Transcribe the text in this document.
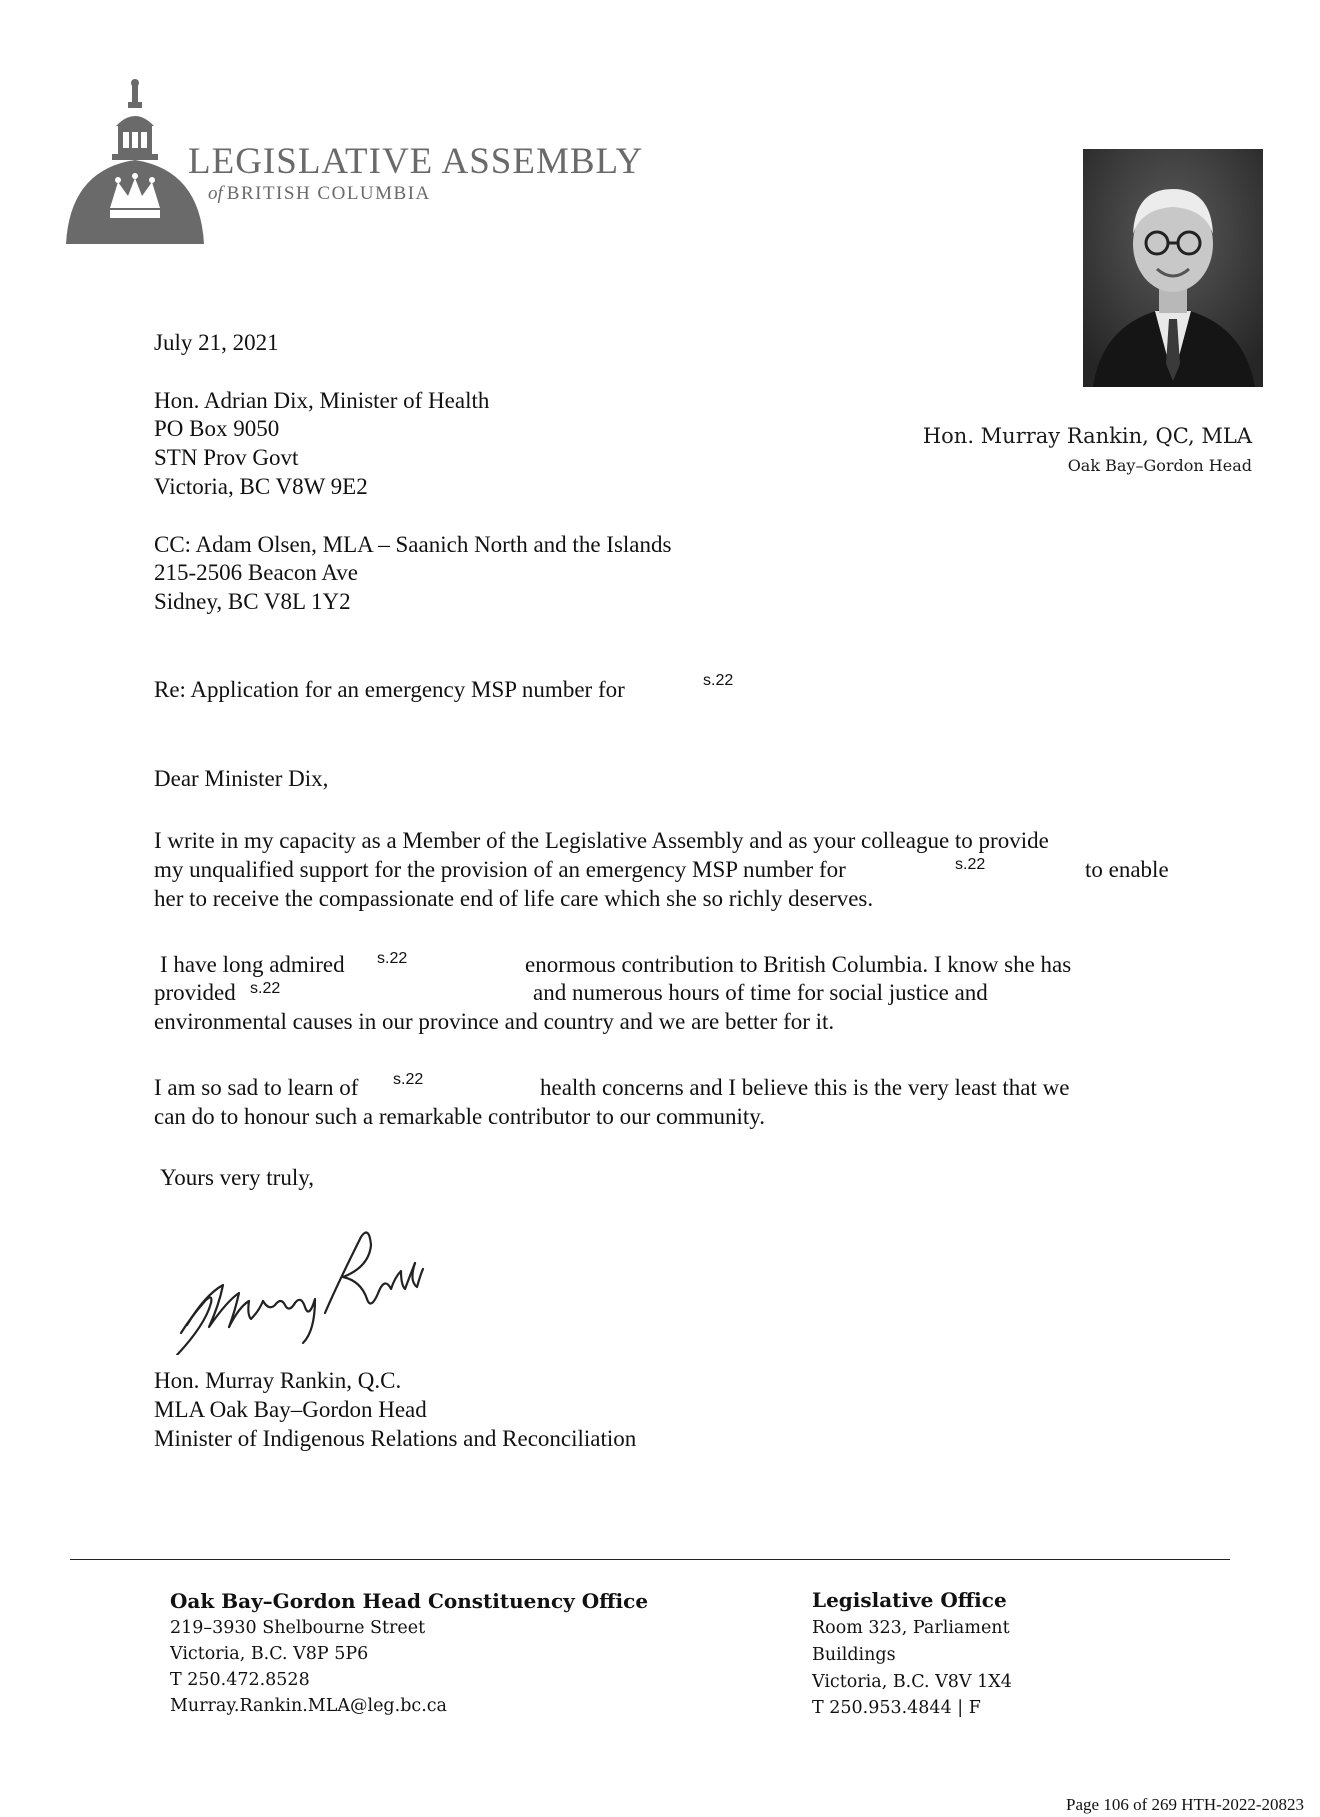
LEGISLATIVE ASSEMBLY
of BRITISH COLUMBIA
Hon. Murray Rankin, QC, MLA
Oak Bay–Gordon Head
July 21, 2021
Hon. Adrian Dix, Minister of Health
PO Box 9050
STN Prov Govt
Victoria, BC V8W 9E2
CC: Adam Olsen, MLA – Saanich North and the Islands
215-2506 Beacon Ave
Sidney, BC V8L 1Y2
Re: Application for an emergency MSP number for	s.22
Dear Minister Dix,
I write in my capacity as a Member of the Legislative Assembly and as your colleague to provide
my unqualified support for the provision of an emergency MSP number for	s.22	to enable
her to receive the compassionate end of life care which she so richly deserves.
I have long admired s.22	enormous contribution to British Columbia. I know she has
provided s.22	and numerous hours of time for social justice and
environmental causes in our province and country and we are better for it.
I am so sad to learn of s.22	health concerns and I believe this is the very least that we
can do to honour such a remarkable contributor to our community.
Yours very truly,
Hon. Murray Rankin, Q.C.
MLA Oak Bay–Gordon Head
Minister of Indigenous Relations and Reconciliation
Oak Bay–Gordon Head Constituency Office
219–3930 Shelbourne Street
Victoria, B.C. V8P 5P6
T 250.472.8528
Murray.Rankin.MLA@leg.bc.ca
Legislative Office
Room 323, Parliament
Buildings
Victoria, B.C. V8V 1X4
T 250.953.4844 | F
Page 106 of 269 HTH-2022-20823
